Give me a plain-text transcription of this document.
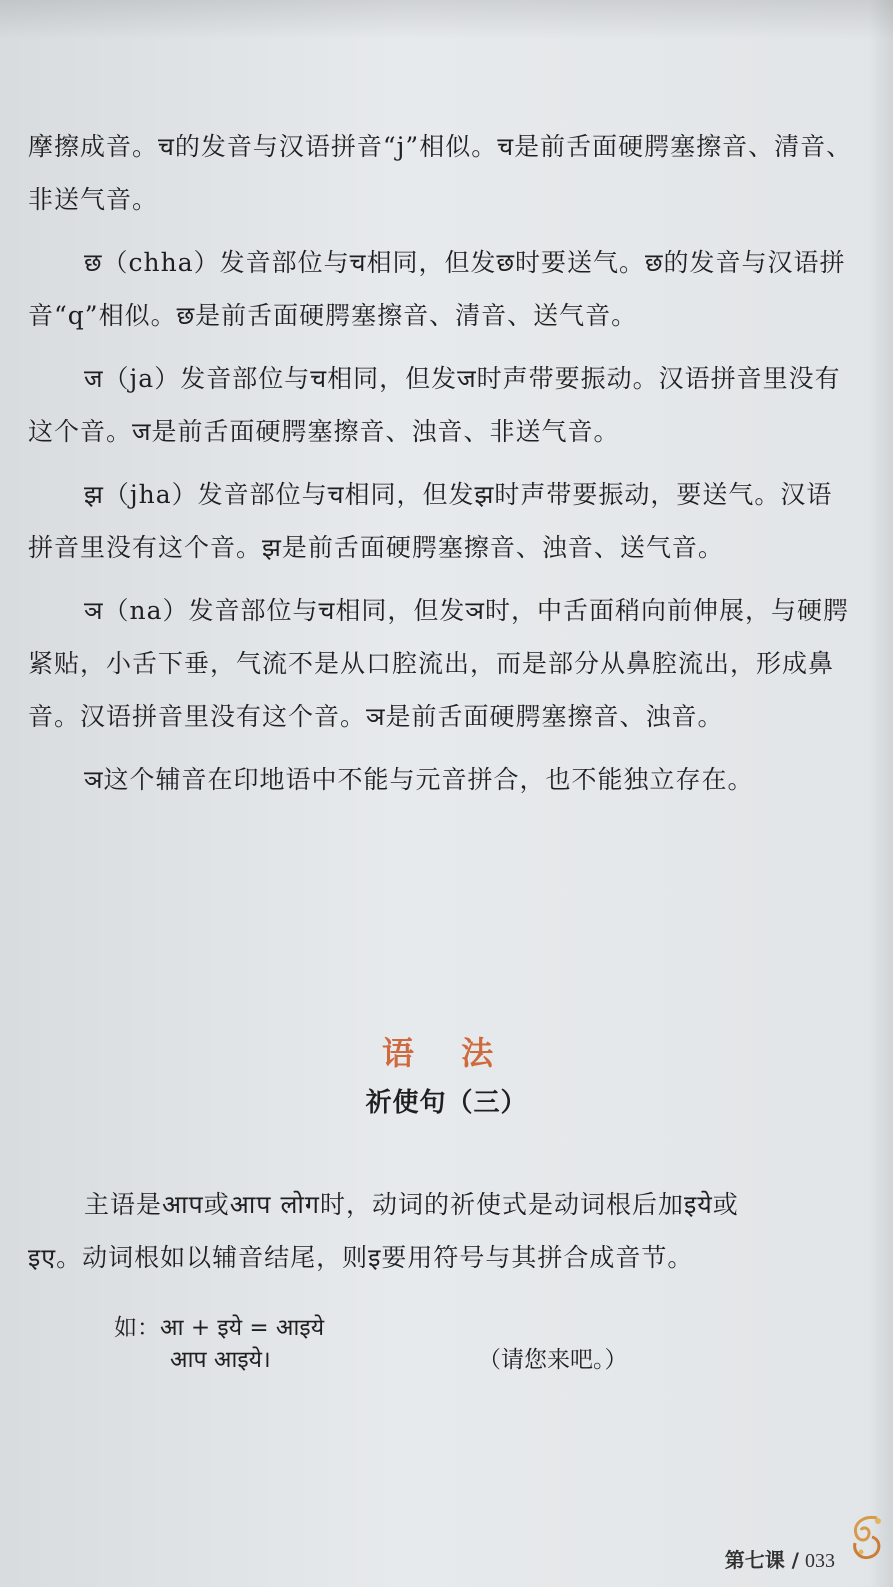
摩擦成音。च的发音与汉语拼音“j”相似。च是前舌面硬腭塞擦音、清音、非送气音。

छ（chha）发音部位与च相同，但发छ时要送气。छ的发音与汉语拼音“q”相似。छ是前舌面硬腭塞擦音、清音、送气音。

ज（ja）发音部位与च相同，但发ज时声带要振动。汉语拼音里没有这个音。ज是前舌面硬腭塞擦音、浊音、非送气音。

झ（jha）发音部位与च相同，但发झ时声带要振动，要送气。汉语拼音里没有这个音。झ是前舌面硬腭塞擦音、浊音、送气音。

ञ（na）发音部位与च相同，但发ञ时，中舌面稍向前伸展，与硬腭紧贴，小舌下垂，气流不是从口腔流出，而是部分从鼻腔流出，形成鼻音。汉语拼音里没有这个音。ञ是前舌面硬腭塞擦音、浊音。

ञ这个辅音在印地语中不能与元音拼合，也不能独立存在。

语 法
祈使句（三）

主语是आप或आप लोग时，动词的祈使式是动词根后加इये或

इए。动词根如以辅音结尾，则इ要用符号与其拼合成音节。

如：आ + इये = आइये
आप आइये।	（请您来吧。）

第七课 / 033
